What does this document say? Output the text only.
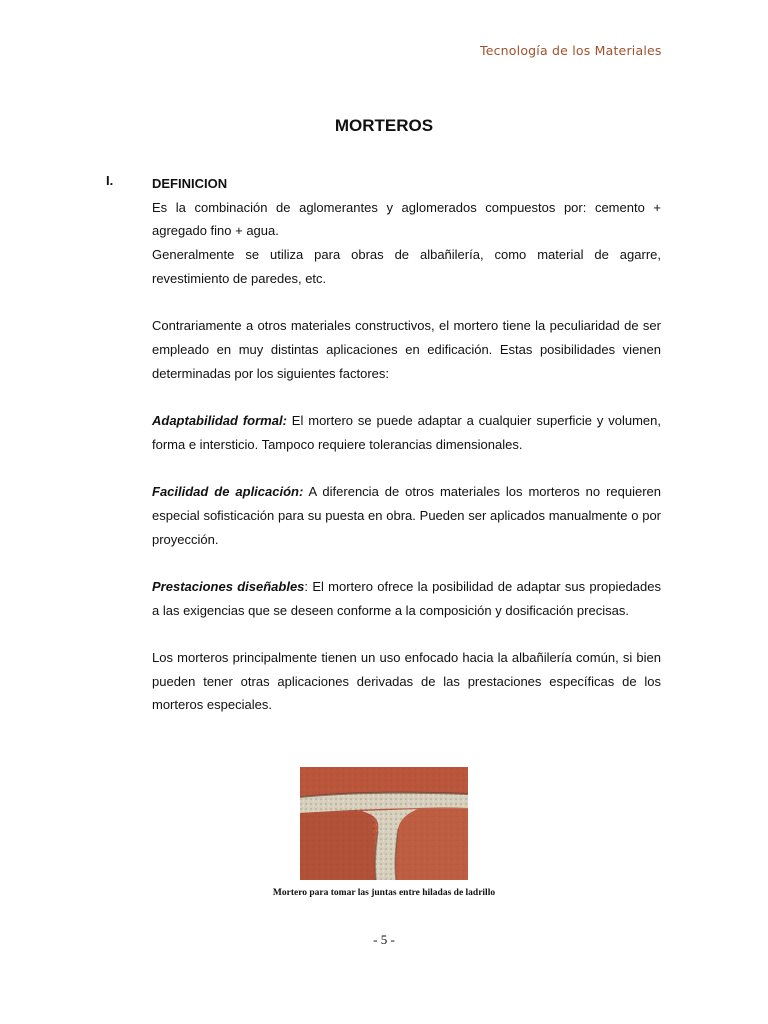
Tecnología de los Materiales
MORTEROS
I.	DEFINICION

Es la combinación de aglomerantes y aglomerados compuestos por: cemento + agregado fino + agua.

Generalmente se utiliza para obras de albañilería, como material de agarre, revestimiento de paredes, etc.

Contrariamente a otros materiales constructivos, el mortero tiene la peculiaridad de ser empleado en muy distintas aplicaciones en edificación. Estas posibilidades vienen determinadas por los siguientes factores:

Adaptabilidad formal: El mortero se puede adaptar a cualquier superficie y volumen, forma e intersticio. Tampoco requiere tolerancias dimensionales.

Facilidad de aplicación: A diferencia de otros materiales los morteros no requieren especial sofisticación para su puesta en obra. Pueden ser aplicados manualmente o por proyección.

Prestaciones diseñables: El mortero ofrece la posibilidad de adaptar sus propiedades a las exigencias que se deseen conforme a la composición y dosificación precisas.

Los morteros principalmente tienen un uso enfocado hacia la albañilería común, si bien pueden tener otras aplicaciones derivadas de las prestaciones específicas de los morteros especiales.

Mortero para tomar las juntas entre hiladas de ladrillo
- 5 -
